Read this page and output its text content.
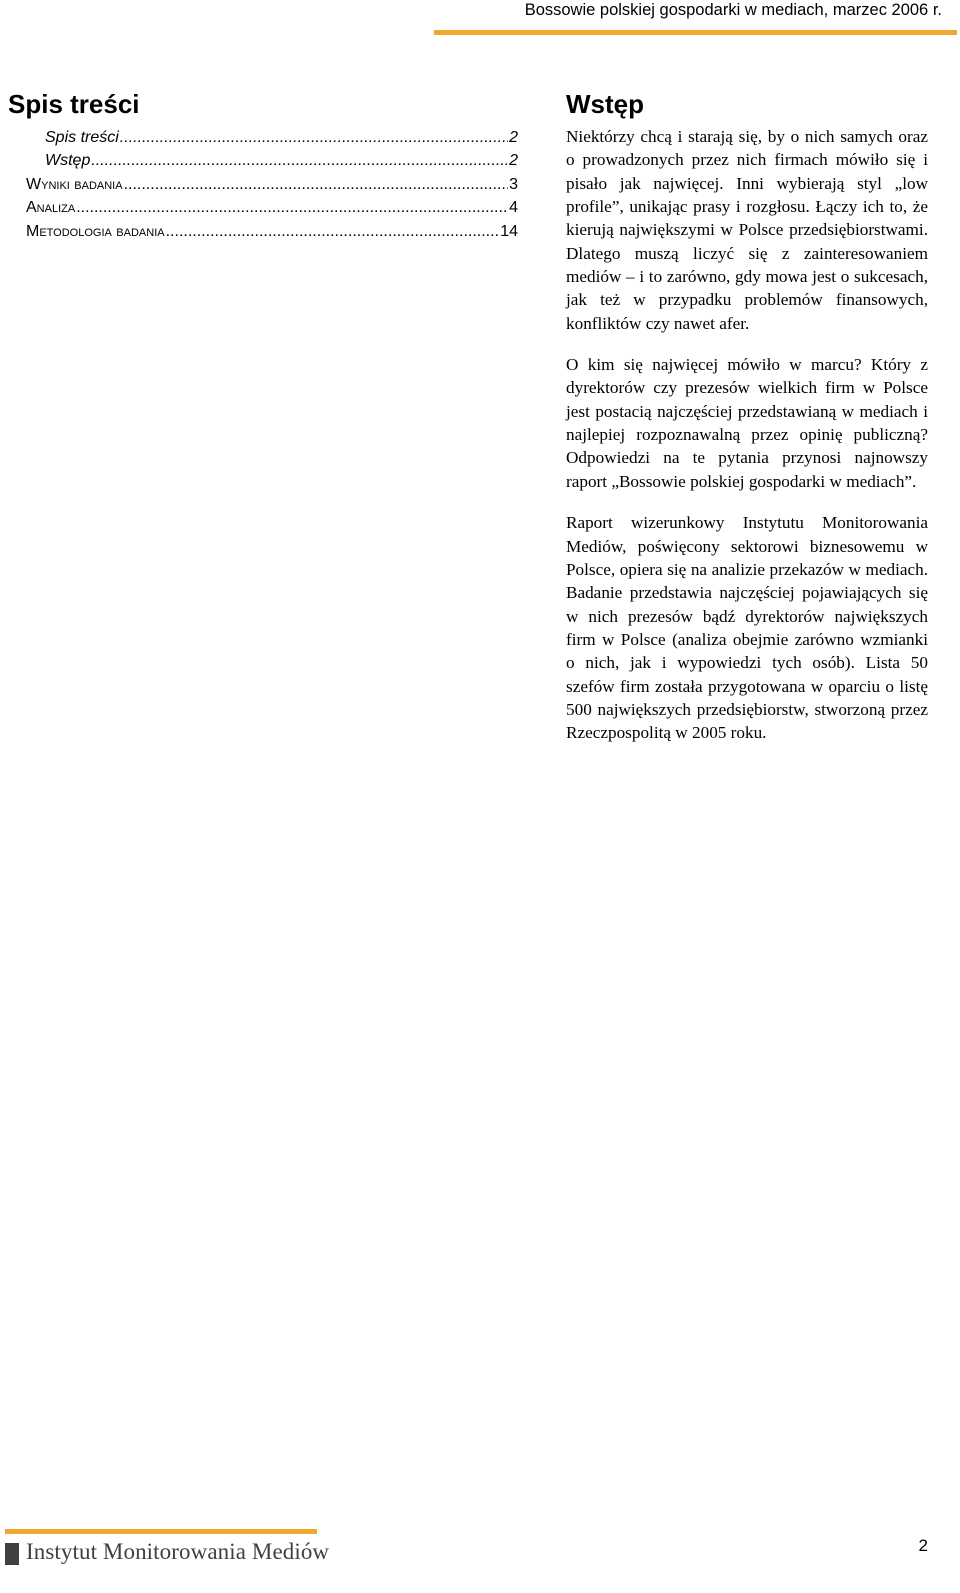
Bossowie polskiej gospodarki w mediach, marzec 2006 r.
Spis treści
Spis treści .....	2
Wstęp .....	2
Wyniki badania .....	3
Analiza .....	4
Metodologia badania .....	14
Wstęp

Niektórzy chcą i starają się, by o nich samych oraz o prowadzonych przez nich firmach mówiło się i pisało jak najwięcej. Inni wybierają styl „low profile”, unikając prasy i rozgłosu. Łączy ich to, że kierują największymi w Polsce przedsiębiorstwami. Dlatego muszą liczyć się z zainteresowaniem mediów – i to zarówno, gdy mowa jest o sukcesach, jak też w przypadku problemów finansowych, konfliktów czy nawet afer.

O kim się najwięcej mówiło w marcu? Który z dyrektorów czy prezesów wielkich firm w Polsce jest postacią najczęściej przedstawianą w mediach i najlepiej rozpoznawalną przez opinię publiczną? Odpowiedzi na te pytania przynosi najnowszy raport „Bossowie polskiej gospodarki w mediach”.

Raport wizerunkowy Instytutu Monitorowania Mediów, poświęcony sektorowi biznesowemu w Polsce, opiera się na analizie przekazów w mediach. Badanie przedstawia najczęściej pojawiających się w nich prezesów bądź dyrektorów największych firm w Polsce (analiza obejmie zarówno wzmianki o nich, jak i wypowiedzi tych osób). Lista 50 szefów firm została przygotowana w oparciu o listę 500 największych przedsiębiorstw, stworzoną przez Rzeczpospolitą w 2005 roku.

Instytut Monitorowania Mediów	2
